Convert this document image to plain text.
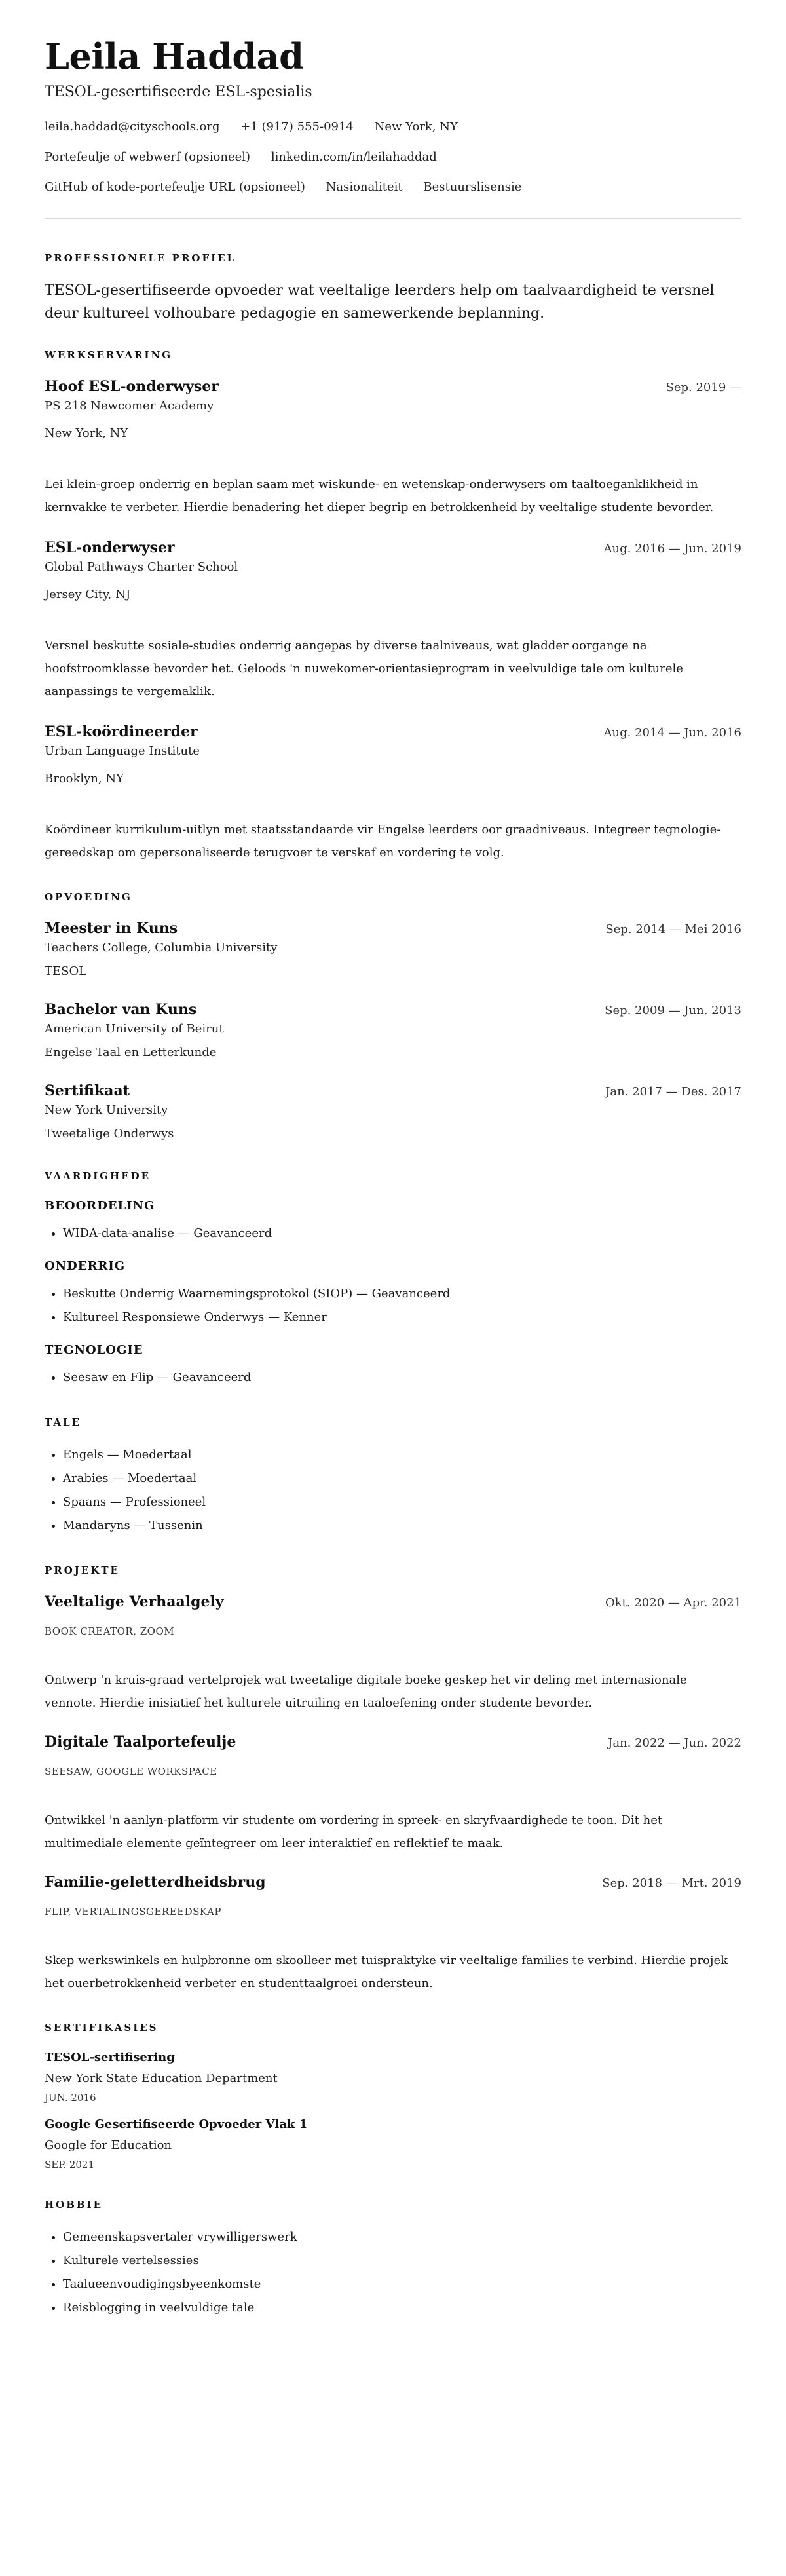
Leila Haddad
TESOL-gesertifiseerde ESL-spesialis
leila.haddad@cityschools.org +1 (917) 555-0914 New York, NY
Portefeulje of webwerf (opsioneel) linkedin.com/in/leilahaddad
GitHub of kode-portefeulje URL (opsioneel) Nasionaliteit Bestuurslisensie
PROFESSIONELE PROFIEL

TESOL-gesertifiseerde opvoeder wat veeltalige leerders help om taalvaardigheid te versnel deur kultureel volhoubare pedagogie en samewerkende beplanning.

WERKSERVARING
Hoof ESL-onderwyser	Sep. 2019 —
PS 218 Newcomer Academy
New York, NY
Lei klein-groep onderrig en beplan saam met wiskunde- en wetenskap-onderwysers om taaltoeganklikheid in kernvakke te verbeter. Hierdie benadering het dieper begrip en betrokkenheid by veeltalige studente bevorder.
ESL-onderwyser	Aug. 2016 — Jun. 2019
Global Pathways Charter School
Jersey City, NJ
Versnel beskutte sosiale-studies onderrig aangepas by diverse taalniveaus, wat gladder oorgange na hoofstroomklasse bevorder het. Geloods 'n nuwekomer-orientasieprogram in veelvuldige tale om kulturele aanpassings te vergemaklik.
ESL-koördineerder	Aug. 2014 — Jun. 2016
Urban Language Institute
Brooklyn, NY
Koördineer kurrikulum-uitlyn met staatsstandaarde vir Engelse leerders oor graadniveaus. Integreer tegnologie-gereedskap om gepersonaliseerde terugvoer te verskaf en vordering te volg.
OPVOEDING
Meester in Kuns	Sep. 2014 — Mei 2016
Teachers College, Columbia University
TESOL
Bachelor van Kuns	Sep. 2009 — Jun. 2013
American University of Beirut
Engelse Taal en Letterkunde
Sertifikaat	Jan. 2017 — Des. 2017
New York University
Tweetalige Onderwys
VAARDIGHEDE
BEOORDELING
• WIDA-data-analise — Geavanceerd
ONDERRIG
• Beskutte Onderrig Waarnemingsprotokol (SIOP) — Geavanceerd
• Kultureel Responsiewe Onderwys — Kenner
TEGNOLOGIE
• Seesaw en Flip — Geavanceerd
TALE
• Engels — Moedertaal
• Arabies — Moedertaal
• Spaans — Professioneel
• Mandaryns — Tussenin
PROJEKTE
Veeltalige Verhaalgely	Okt. 2020 — Apr. 2021
BOOK CREATOR, ZOOM
Ontwerp 'n kruis-graad vertelprojek wat tweetalige digitale boeke geskep het vir deling met internasionale vennote. Hierdie inisiatief het kulturele uitruiling en taaloefening onder studente bevorder.
Digitale Taalportefeulje	Jan. 2022 — Jun. 2022
SEESAW, GOOGLE WORKSPACE
Ontwikkel 'n aanlyn-platform vir studente om vordering in spreek- en skryfvaardighede te toon. Dit het multimediale elemente geïntegreer om leer interaktief en reflektief te maak.
Familie-geletterdheidsbrug	Sep. 2018 — Mrt. 2019
FLIP, VERTALINGSGEREEDSKAP
Skep werkswinkels en hulpbronne om skoolleer met tuispraktyke vir veeltalige families te verbind. Hierdie projek het ouerbetrokkenheid verbeter en studenttaalgroei ondersteun.
SERTIFIKASIES
TESOL-sertifisering
New York State Education Department
JUN. 2016
Google Gesertifiseerde Opvoeder Vlak 1
Google for Education
SEP. 2021
HOBBIE
• Gemeenskapsvertaler vrywilligerswerk
• Kulturele vertelsessies
• Taalueenvoudigingsbyeenkomste
• Reisblogging in veelvuldige tale
